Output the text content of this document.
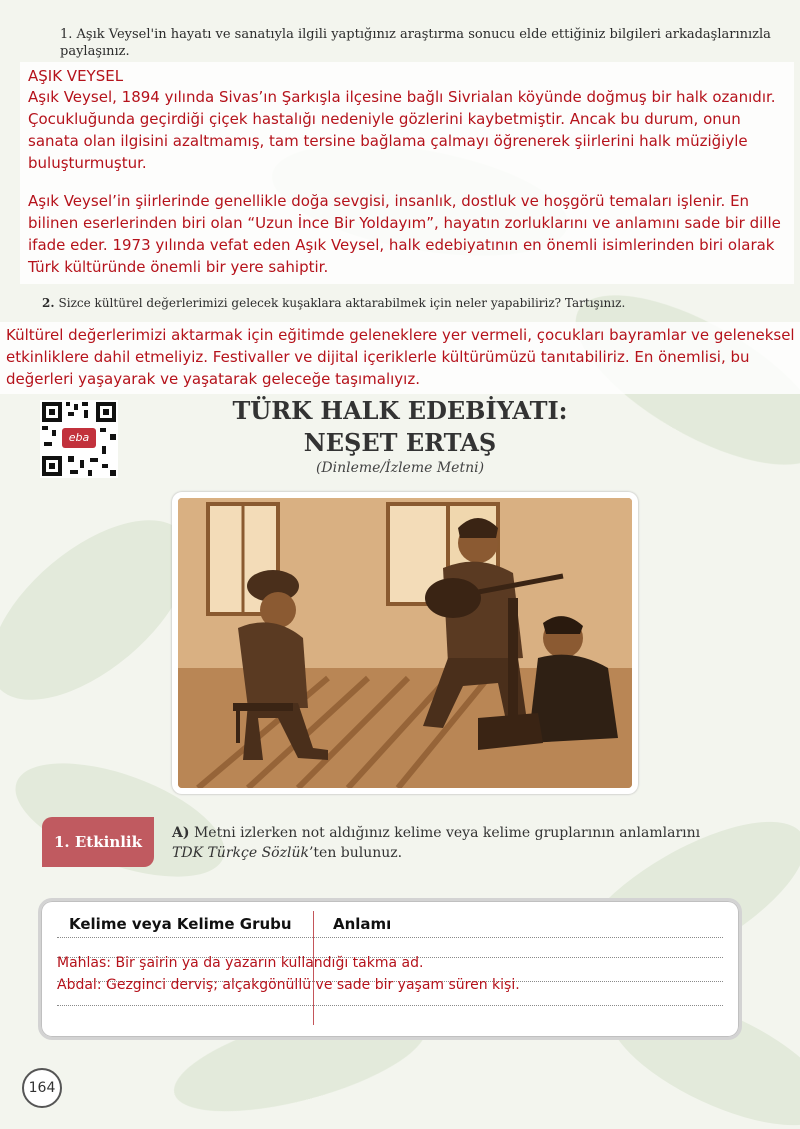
1. Aşık Veysel'in hayatı ve sanatıyla ilgili yaptığınız araştırma sonucu elde ettiğiniz bilgileri arkadaşlarınızla paylaşınız.
AŞIK VEYSEL

Aşık Veysel, 1894 yılında Sivas’ın Şarkışla ilçesine bağlı Sivrialan köyünde doğmuş bir halk ozanıdır. Çocukluğunda geçirdiği çiçek hastalığı nedeniyle gözlerini kaybetmiştir. Ancak bu durum, onun sanata olan ilgisini azaltmamış, tam tersine bağlama çalmayı öğrenerek şiirlerini halk müziğiyle buluşturmuştur.

Aşık Veysel’in şiirlerinde genellikle doğa sevgisi, insanlık, dostluk ve hoşgörü temaları işlenir. En bilinen eserlerinden biri olan “Uzun İnce Bir Yoldayım”, hayatın zorluklarını ve anlamını sade bir dille ifade eder. 1973 yılında vefat eden Aşık Veysel, halk edebiyatının en önemli isimlerinden biri olarak Türk kültüründe önemli bir yere sahiptir.

2. Sizce kültürel değerlerimizi gelecek kuşaklara aktarabilmek için neler yapabiliriz? Tartışınız.
Kültürel değerlerimizi aktarmak için eğitimde geleneklere yer vermeli, çocukları bayramlar ve geleneksel etkinliklere dahil etmeliyiz. Festivaller ve dijital içeriklerle kültürümüzü tanıtabiliriz. En önemlisi, bu değerleri yaşayarak ve yaşatarak geleceğe taşımalıyız.
eba
TÜRK HALK EDEBİYATI:
NEŞET ERTAŞ
(Dinleme/İzleme Metni)
1. Etkinlik	A) Metni izlerken not aldığınız kelime veya kelime gruplarının anlamlarını
TDK Türkçe Sözlük’ten bulunuz.
Kelime veya Kelime Grubu	Anlamı
Mahlas: Bir şairin ya da yazarın kullandığı takma ad.
Abdal: Gezginci derviş; alçakgönüllü ve sade bir yaşam süren kişi.
164
